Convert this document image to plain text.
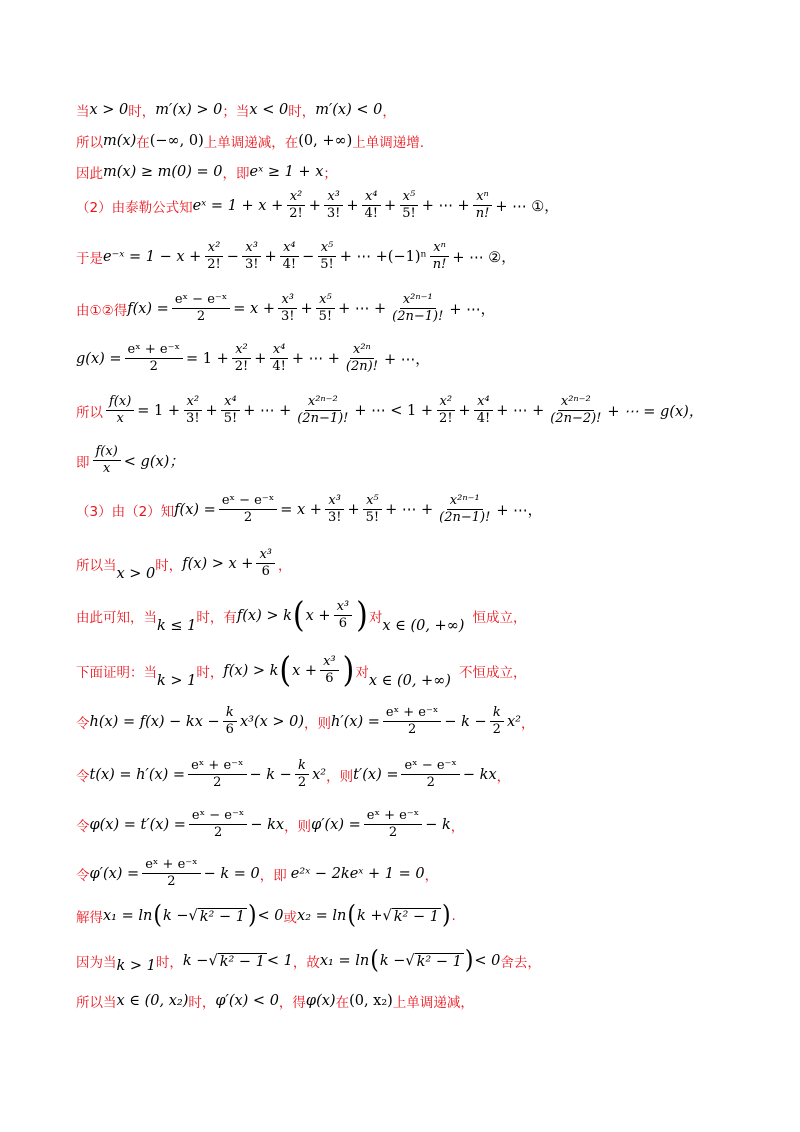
当 x > 0 时， m′(x) > 0 ；当 x < 0 时， m′(x) < 0 ，
所以 m(x) 在 (−∞, 0) 上单调递减，在 (0, +∞) 上单调递增.
因此 m(x) ≥ m(0) = 0 ，即 eˣ ≥ 1 + x ；
（2）由泰勒公式知 eˣ = $1 + x + \frac{\text{x²}}{2!} + \frac{\text{x³}}{3!} + \frac{\text{x⁴}}{4!} + \frac{\text{x⁵}}{5!}$ + ⋯ + $\frac{\text{xⁿ}}{n!}$ + ⋯ ①，
于是 e⁻ˣ = $1 - x + \frac{\text{x²}}{2!} - \frac{\text{x³}}{3!} + \frac{\text{x⁴}}{4!} - \frac{\text{x⁵}}{5!}$ + ⋯ + $(-1)^n \frac{\text{xⁿ}}{n!}$ + ⋯ ②，
由①②得 $f(x) = \frac{\text{eˣ − e⁻ˣ}}{2} = x + \frac{\text{x³}}{3!} + \frac{\text{x⁵}}{5!}$ + ⋯ + $\frac{\text{x²ⁿ⁻¹}}{(2n-1)!}$ + ⋯，
$g(x) = \frac{\text{eˣ + e⁻ˣ}}{2} = 1 + \frac{\text{x²}}{2!} + \frac{\text{x⁴}}{4!}$ + ⋯ + $\frac{\text{x²ⁿ}}{(2n)!}$ + ⋯，
所以 $\frac{f(x)}{x} = 1 + \frac{\text{x²}}{3!} + \frac{\text{x⁴}}{5!}$ + ⋯ + $\frac{\text{x²ⁿ⁻²}}{(2n-1)!}$ + ⋯ < $1 + \frac{\text{x²}}{2!} + \frac{\text{x⁴}}{4!}$ + ⋯ + $\frac{\text{x²ⁿ⁻²}}{(2n-2)!}$ + ⋯ = g(x)，
即 $\frac{f(x)}{x} < g(x)$；
（3）由（2）知 $f(x) = \frac{\text{eˣ − e⁻ˣ}}{2} = x + \frac{\text{x³}}{3!} + \frac{\text{x⁵}}{5!}$ + ⋯ + $\frac{\text{x²ⁿ⁻¹}}{(2n-1)!}$ + ⋯，
所以当 x > 0 时， $f(x) > x + \frac{\text{x³}}{6}$ ，
由此可知，当 k ≤ 1 时，有 f(x) > k ( $x + \frac{\text{x³}}{6}$ ) 对 x ∈ (0, +∞) 恒成立，
下面证明：当 k > 1 时， f(x) > k ( $x + \frac{\text{x³}}{6}$ ) 对 x ∈ (0, +∞) 不恒成立，
令 h(x) = f(x) − kx − $\frac{k}{6} x^3(x > 0)$ ，则 $h'(x) = \frac{\text{eˣ + e⁻ˣ}}{2} - k - \frac{k}{2} x^2$ ，
令 $t(x) = h'(x) = \frac{\text{eˣ + e⁻ˣ}}{2} - k - \frac{k}{2} x^2$ ，则 $t'(x) = \frac{\text{eˣ − e⁻ˣ}}{2}$ − kx ，
令 $\varphi(x) = t'(x) = \frac{\text{eˣ − e⁻ˣ}}{2}$ − kx ，则 $\varphi'(x) = \frac{\text{eˣ + e⁻ˣ}}{2} - k$ ，
令 $\varphi'(x) = \frac{\text{eˣ + e⁻ˣ}}{2} - k = 0$ ，即 e²ˣ − 2keˣ + 1 = 0 ，
解得 x₁ = ln ( k − √ k² − 1 ) < 0 或 x₂ = ln ( k + √ k² − 1 ) .
因为当 k > 1 时， k − √ k² − 1 < 1 ，故 x₁ = ln ( k − √ k² − 1 ) < 0 舍去，
所以当 x ∈ (0, x₂) 时， φ′(x) < 0 ，得 φ(x) 在 (0, x₂) 上单调递减，
